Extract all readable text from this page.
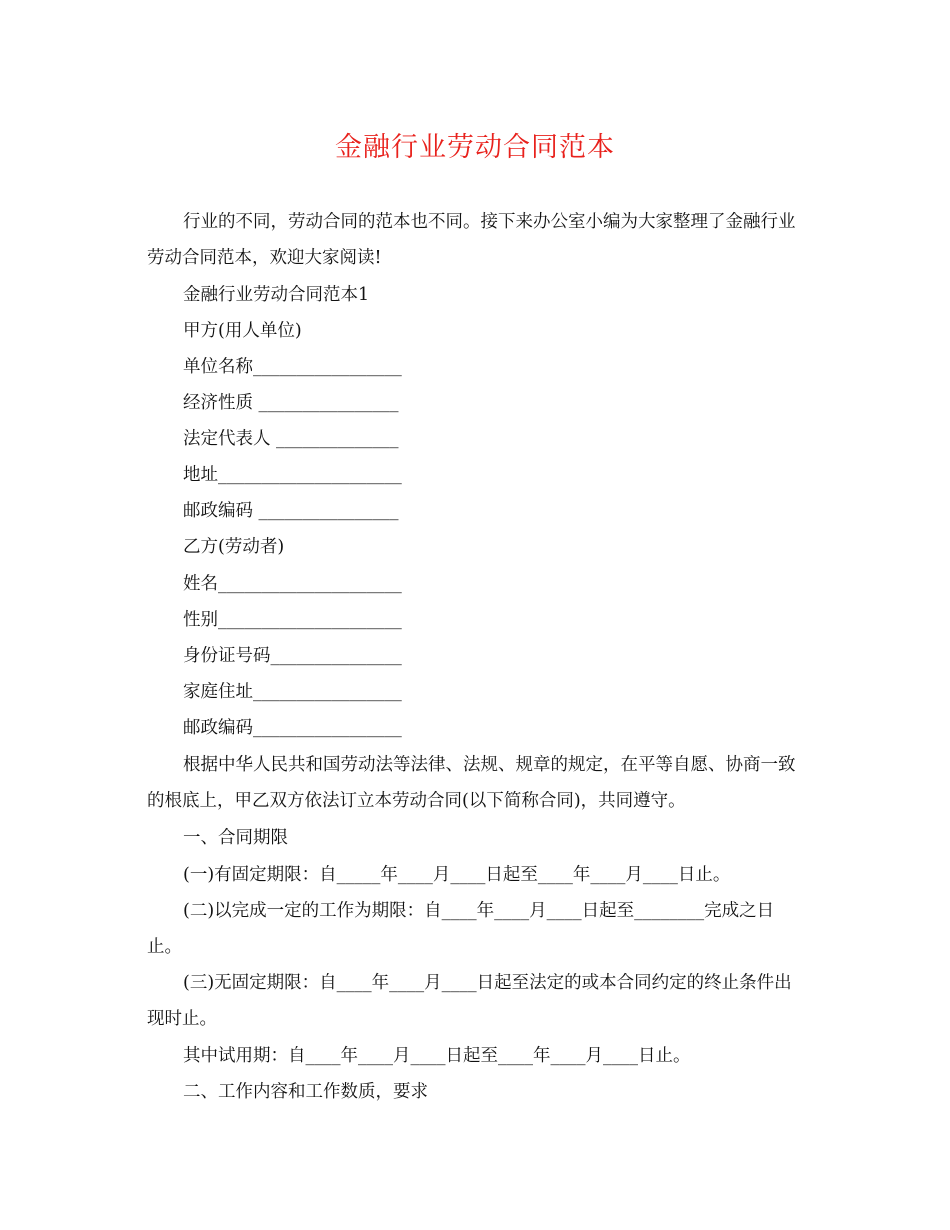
金融行业劳动合同范本
行业的不同，劳动合同的范本也不同。接下来办公室小编为大家整理了金融行业劳动合同范本，欢迎大家阅读!
金融行业劳动合同范本1
甲方(用人单位)
单位名称_________________
经济性质 ________________
法定代表人 ______________
地址_____________________
邮政编码 ________________
乙方(劳动者)
姓名_____________________
性别_____________________
身份证号码_______________
家庭住址_________________
邮政编码_________________
根据中华人民共和国劳动法等法律、法规、规章的规定，在平等自愿、协商一致的根底上，甲乙双方依法订立本劳动合同(以下简称合同)，共同遵守。
一、合同期限
(一)有固定期限：自_____年____月____日起至____年____月____日止。
(二)以完成一定的工作为期限：自____年____月____日起至________完成之日止。
(三)无固定期限：自____年____月____日起至法定的或本合同约定的终止条件出现时止。
其中试用期：自____年____月____日起至____年____月____日止。
二、工作内容和工作数质，要求
